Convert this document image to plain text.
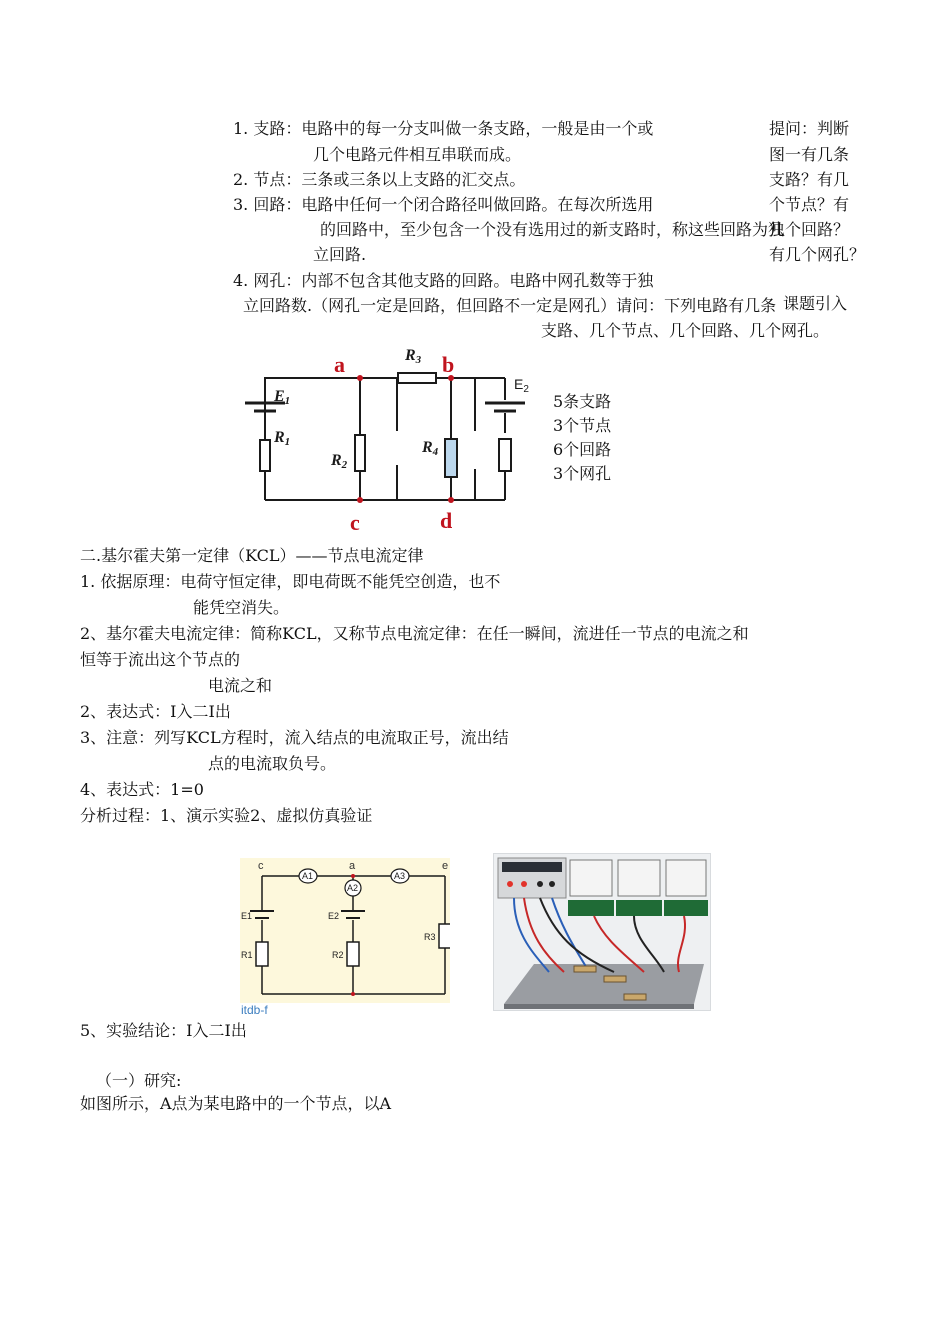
1. 支路：电路中的每一分支叫做一条支路，一般是由一个或
几个电路元件相互串联而成。
2. 节点：三条或三条以上支路的汇交点。
3. 回路：电路中任何一个闭合路径叫做回路。在每次所选用
的回路中，至少包含一个没有选用过的新支路时，称这些回路为独
立回路.
4. 网孔：内部不包含其他支路的回路。电路中网孔数等于独
立回路数.（网孔一定是回路，但回路不一定是网孔）请问：下列电路有几条
支路、几个节点、几个回路、几个网孔。
提问：判断
图一有几条
支路？有几
个节点？有
几个回路？
有几个网孔？
课题引入
a	b
c	d
E1
R1
R2
R3
R4
$E_2$
5条支路
3个节点
6个回路
3个网孔
二.基尔霍夫第一定律（KCL）——节点电流定律
1. 依据原理：电荷守恒定律，即电荷既不能凭空创造，也不
能凭空消失。
2、基尔霍夫电流定律：简称KCL，又称节点电流定律：在任一瞬间，流进任一节点的电流之和
恒等于流出这个节点的
电流之和
2、表达式：I入二I出
3、注意：列写KCL方程时，流入结点的电流取正号，流出结
点的电流取负号。
4、表达式：1=0
分析过程：1、演示实验2、虚拟仿真验证
A1
A2
A3
E1	E2
R1	R2
R3
c	a	e
itdb-f
5、实验结论：I入二I出
（一）研究:
如图所示，A点为某电路中的一个节点，以A
